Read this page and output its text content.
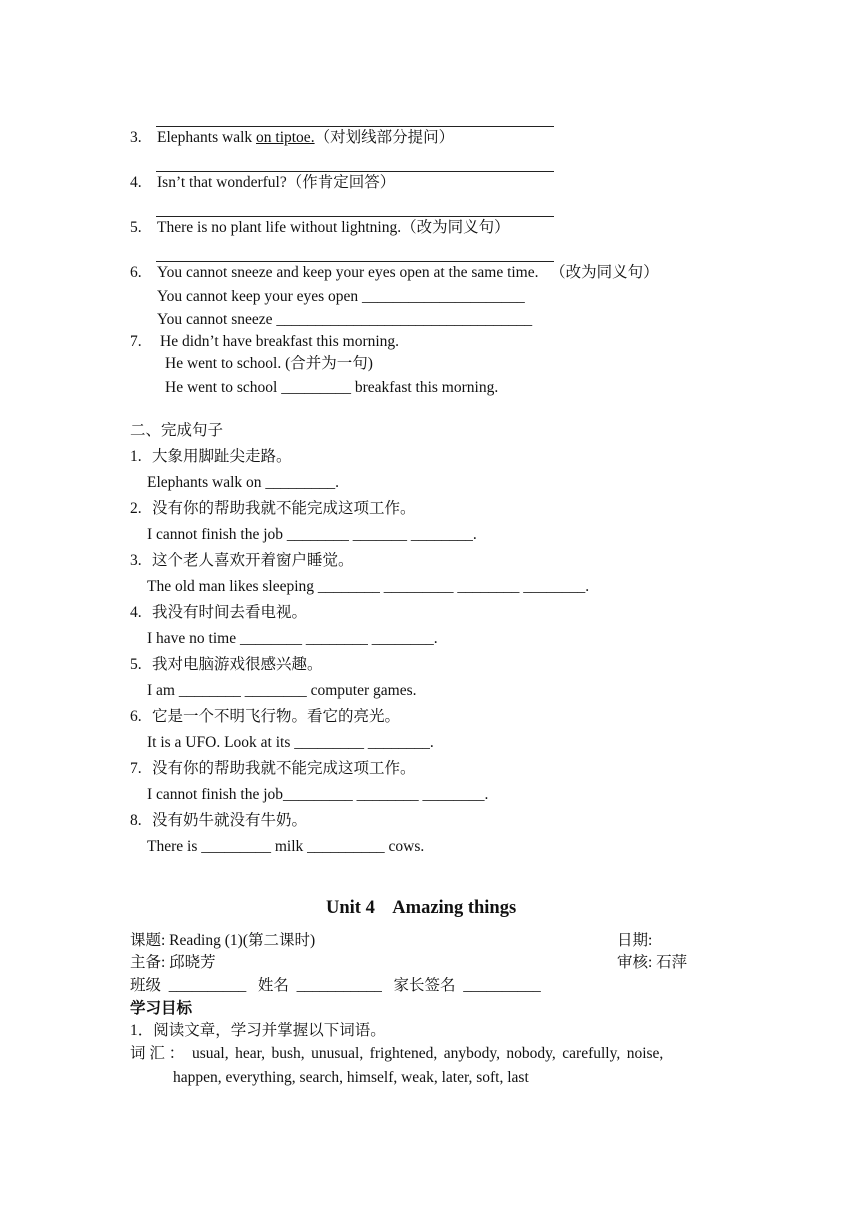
3. Elephants walk on tiptoe.（对划线部分提问）
4. Isn’t that wonderful?（作肯定回答）
5. There is no plant life without lightning.（改为同义句）
6. You cannot sneeze and keep your eyes open at the same time.   （改为同义句）
You cannot keep your eyes open _____________________
You cannot sneeze _________________________________
7. He didn’t have breakfast this morning.
He went to school. (合并为一句)
He went to school _________ breakfast this morning.
二、完成句子
1. 大象用脚趾尖走路。
Elephants walk on _________.
2. 没有你的帮助我就不能完成这项工作。
I cannot finish the job ________ _______ ________.
3. 这个老人喜欢开着窗户睡觉。
The old man likes sleeping ________ _________ ________ ________.
4. 我没有时间去看电视。
I have no time ________ ________ ________.
5. 我对电脑游戏很感兴趣。
I am ________ ________ computer games.
6. 它是一个不明飞行物。看它的亮光。
It is a UFO. Look at its _________ ________.
7. 没有你的帮助我就不能完成这项工作。
I cannot finish the job_________ ________ ________.
8. 没有奶牛就没有牛奶。
There is _________ milk __________ cows.
Unit 4    Amazing things
课题: Reading (1)(第二课时)	日期:
主备: 邱晓芳	审核: 石萍
班级  __________   姓名  ___________   家长签名  __________
学习目标
1．阅读文章，学习并掌握以下词语。
词 汇 ： usual, hear, bush, unusual, frightened, anybody, nobody, carefully, noise,
happen, everything, search, himself, weak, later, soft, last
